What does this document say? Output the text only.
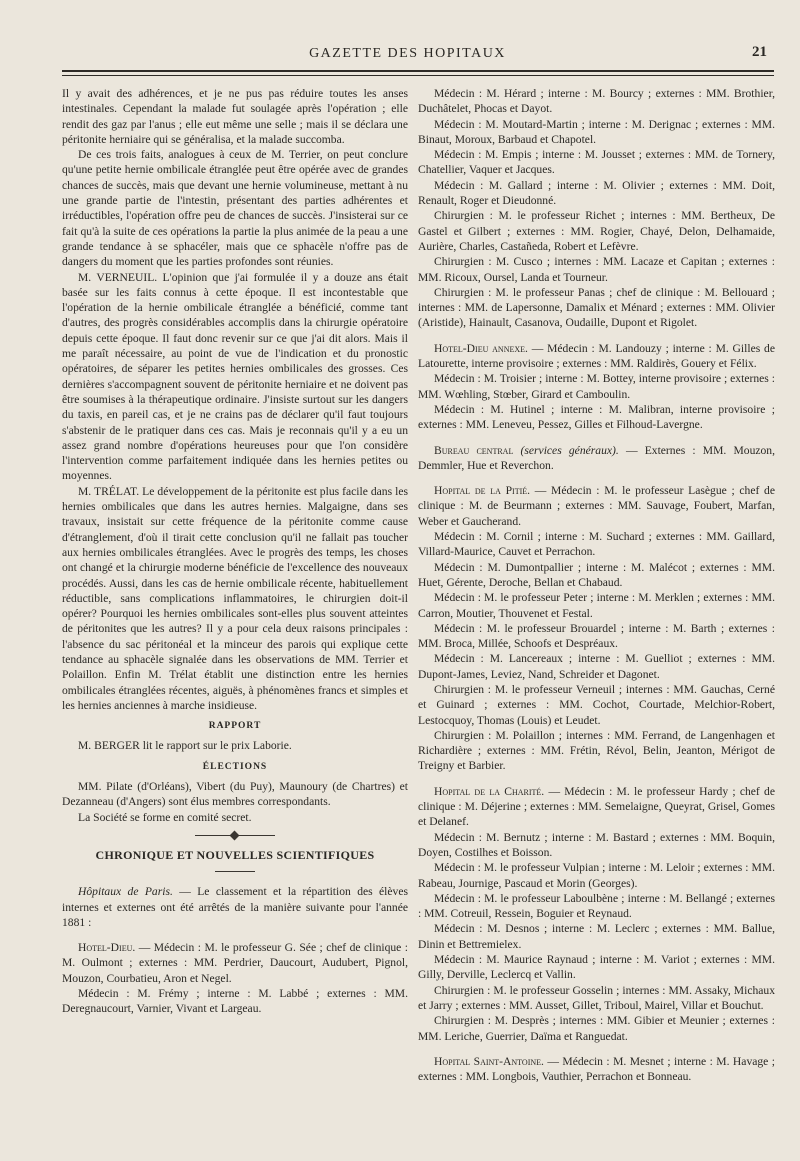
GAZETTE DES HOPITAUX	21

Il y avait des adhérences, et je ne pus pas réduire toutes les anses intestinales. Cependant la malade fut soulagée après l'opération ; elle rendit des gaz par l'anus ; elle eut même une selle ; mais il se déclara une péritonite herniaire qui se généralisa, et la malade succomba.

De ces trois faits, analogues à ceux de M. Terrier, on peut conclure qu'une petite hernie ombilicale étranglée peut être opérée avec de grandes chances de succès, mais que devant une hernie volumineuse, mettant à nu une grande partie de l'intestin, présentant des parties adhérentes et irréductibles, l'opération offre peu de chances de succès. J'insisterai sur ce fait qu'à la suite de ces opérations la partie la plus animée de la peau a une grande tendance à se sphacéler, mais que ce sphacèle n'offre pas de dangers du moment que les parties profondes sont réunies.

M. VERNEUIL. L'opinion que j'ai formulée il y a douze ans était basée sur les faits connus à cette époque. Il est incontestable que l'opération de la hernie ombilicale étranglée a bénéficié, comme tant d'autres, des progrès considérables accomplis dans la chirurgie opératoire depuis cette époque. Il faut donc revenir sur ce que j'ai dit alors. Mais il me paraît nécessaire, au point de vue de l'indication et du pronostic opératoires, de séparer les petites hernies ombilicales des grosses. Ces dernières s'accompagnent souvent de péritonite herniaire et ne doivent pas être soumises à la thérapeutique ordinaire. J'insiste surtout sur les dangers du taxis, en pareil cas, et je ne crains pas de déclarer qu'il faut toujours s'abstenir de le pratiquer dans ces cas. Mais je reconnais qu'il y a eu un assez grand nombre d'opérations heureuses pour que l'on considère l'intervention comme parfaitement indiquée dans les hernies petites ou moyennes.

M. TRÉLAT. Le développement de la péritonite est plus facile dans les hernies ombilicales que dans les autres hernies. Malgaigne, dans ses travaux, insistait sur cette fréquence de la péritonite comme cause d'étranglement, d'où il tirait cette conclusion qu'il ne fallait pas toucher aux hernies ombilicales étranglées. Avec le progrès des temps, les choses ont changé et la chirurgie moderne bénéficie de l'excellence des nouveaux procédés. Aussi, dans les cas de hernie ombilicale récente, habituellement réductible, sans complications inflammatoires, le chirurgien doit-il opérer? Pourquoi les hernies ombilicales sont-elles plus souvent atteintes de péritonites que les autres? Il y a pour cela deux raisons principales : l'absence du sac péritonéal et la minceur des parois qui explique cette tendance au sphacèle signalée dans les observations de MM. Terrier et Polaillon. Enfin M. Trélat établit une distinction entre les hernies ombilicales étranglées récentes, aiguës, à phénomènes francs et simples et les hernies anciennes à marche insidieuse.

RAPPORT

M. BERGER lit le rapport sur le prix Laborie.

ÉLECTIONS

MM. Pilate (d'Orléans), Vibert (du Puy), Maunoury (de Chartres) et Dezanneau (d'Angers) sont élus membres correspondants.

La Société se forme en comité secret.

CHRONIQUE ET NOUVELLES SCIENTIFIQUES

Hôpitaux de Paris. — Le classement et la répartition des élèves internes et externes ont été arrêtés de la manière suivante pour l'année 1881 :

Hotel-Dieu. — Médecin : M. le professeur G. Sée ; chef de clinique : M. Oulmont ; externes : MM. Perdrier, Daucourt, Audubert, Pignol, Mouzon, Courbatieu, Aron et Negel.

Médecin : M. Frémy ; interne : M. Labbé ; externes : MM. Deregnaucourt, Varnier, Vivant et Largeau.

Médecin : M. Hérard ; interne : M. Bourcy ; externes : MM. Brothier, Duchâtelet, Phocas et Dayot.

Médecin : M. Moutard-Martin ; interne : M. Derignac ; externes : MM. Binaut, Moroux, Barbaud et Chapotel.

Médecin : M. Empis ; interne : M. Jousset ; externes : MM. de Tornery, Chatellier, Vaquer et Jacques.

Médecin : M. Gallard ; interne : M. Olivier ; externes : MM. Doit, Renault, Roger et Dieudonné.

Chirurgien : M. le professeur Richet ; internes : MM. Bertheux, De Gastel et Gilbert ; externes : MM. Rogier, Chayé, Delon, Delhamaide, Aurière, Charles, Castañeda, Robert et Lefèvre.

Chirurgien : M. Cusco ; internes : MM. Lacaze et Capitan ; externes : MM. Ricoux, Oursel, Landa et Tourneur.

Chirurgien : M. le professeur Panas ; chef de clinique : M. Bellouard ; internes : MM. de Lapersonne, Damalix et Ménard ; externes : MM. Olivier (Aristide), Hainault, Casanova, Oudaille, Dupont et Rigolet.

Hotel-Dieu annexe. — Médecin : M. Landouzy ; interne : M. Gilles de Latourette, interne provisoire ; externes : MM. Raldirès, Gouery et Félix.

Médecin : M. Troisier ; interne : M. Bottey, interne provisoire ; externes : MM. Wœhling, Stœber, Girard et Camboulin.

Médecin : M. Hutinel ; interne : M. Malibran, interne provisoire ; externes : MM. Leneveu, Pessez, Gilles et Filhoud-Lavergne.

Bureau central (services généraux). — Externes : MM. Mouzon, Demmler, Hue et Reverchon.

Hopital de la Pitié. — Médecin : M. le professeur Lasègue ; chef de clinique : M. de Beurmann ; externes : MM. Sauvage, Foubert, Marfan, Weber et Gaucherand.

Médecin : M. Cornil ; interne : M. Suchard ; externes : MM. Gaillard, Villard-Maurice, Cauvet et Perrachon.

Médecin : M. Dumontpallier ; interne : M. Malécot ; externes : MM. Huet, Gérente, Deroche, Bellan et Chabaud.

Médecin : M. le professeur Peter ; interne : M. Merklen ; externes : MM. Carron, Moutier, Thouvenet et Festal.

Médecin : M. le professeur Brouardel ; interne : M. Barth ; externes : MM. Broca, Millée, Schoofs et Despréaux.

Médecin : M. Lancereaux ; interne : M. Guelliot ; externes : MM. Dupont-James, Leviez, Nand, Schreider et Dagonet.

Chirurgien : M. le professeur Verneuil ; internes : MM. Gauchas, Cerné et Guinard ; externes : MM. Cochot, Courtade, Melchior-Robert, Lestocquoy, Thomas (Louis) et Leudet.

Chirurgien : M. Polaillon ; internes : MM. Ferrand, de Langenhagen et Richardière ; externes : MM. Frétin, Révol, Belin, Jeanton, Mérigot de Treigny et Barbier.

Hopital de la Charité. — Médecin : M. le professeur Hardy ; chef de clinique : M. Déjerine ; externes : MM. Semelaigne, Queyrat, Grisel, Gomes et Delanef.

Médecin : M. Bernutz ; interne : M. Bastard ; externes : MM. Boquin, Doyen, Costilhes et Boisson.

Médecin : M. le professeur Vulpian ; interne : M. Leloir ; externes : MM. Rabeau, Journige, Pascaud et Morin (Georges).

Médecin : M. le professeur Laboulbène ; interne : M. Bellangé ; externes : MM. Cotreuil, Ressein, Boguier et Reynaud.

Médecin : M. Desnos ; interne : M. Leclerc ; externes : MM. Ballue, Dinin et Bettremielex.

Médecin : M. Maurice Raynaud ; interne : M. Variot ; externes : MM. Gilly, Derville, Leclercq et Vallin.

Chirurgien : M. le professeur Gosselin ; internes : MM. Assaky, Michaux et Jarry ; externes : MM. Ausset, Gillet, Triboul, Mairel, Villar et Bouchut.

Chirurgien : M. Desprès ; internes : MM. Gibier et Meunier ; externes : MM. Leriche, Guerrier, Daïma et Ranguedat.

Hopital Saint-Antoine. — Médecin : M. Mesnet ; interne : M. Havage ; externes : MM. Longbois, Vauthier, Perrachon et Bonneau.
